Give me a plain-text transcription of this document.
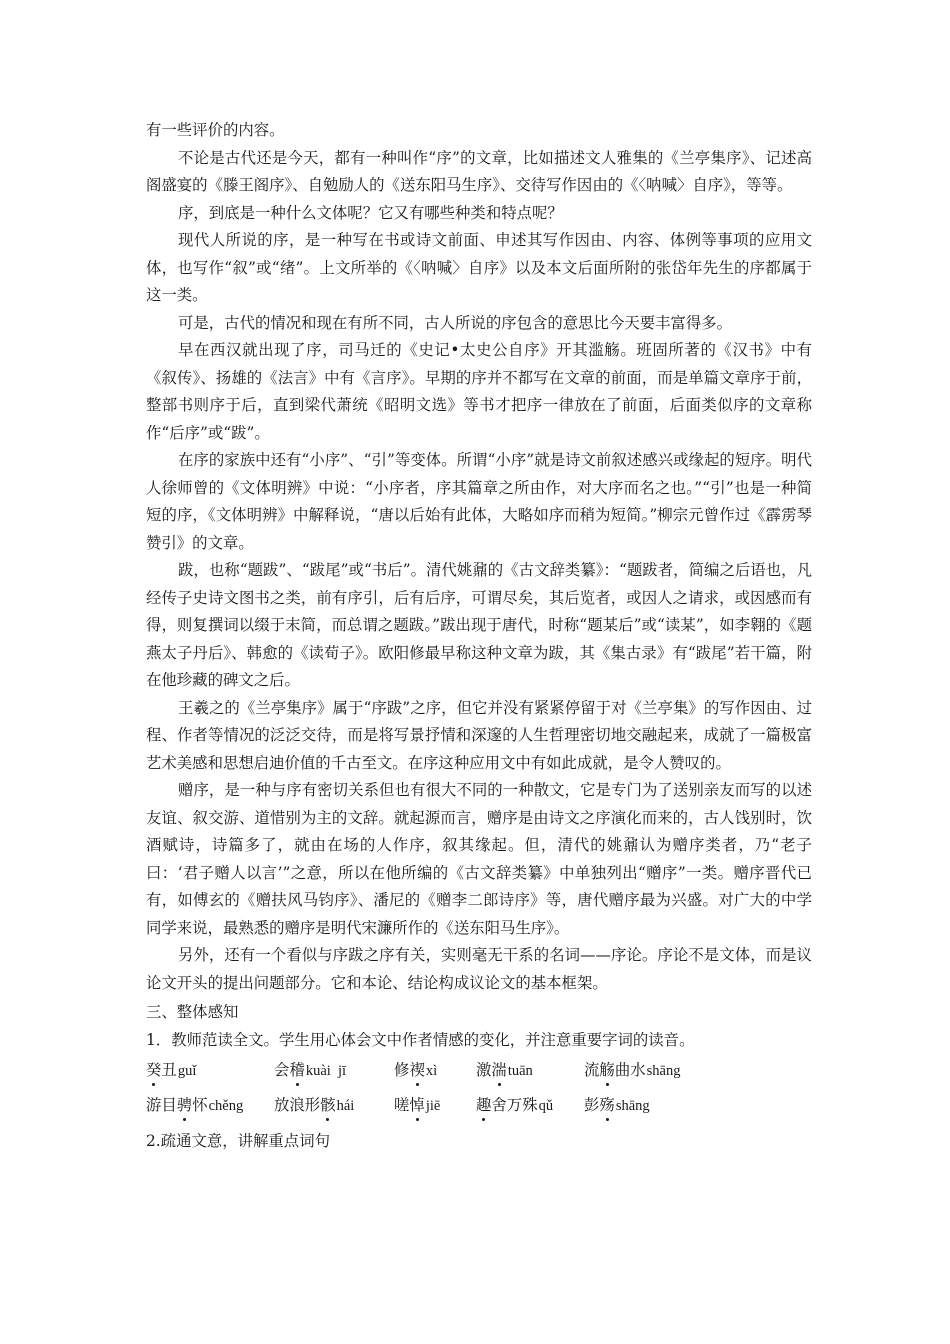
有一些评价的内容。

不论是古代还是今天，都有一种叫作“序”的文章，比如描述文人雅集的《兰亭集序》、记述高阁盛宴的《滕王阁序》、自勉励人的《送东阳马生序》、交待写作因由的《〈呐喊〉自序》，等等。

序，到底是一种什么文体呢？它又有哪些种类和特点呢？

现代人所说的序，是一种写在书或诗文前面、申述其写作因由、内容、体例等事项的应用文体，也写作“叙”或“绪”。上文所举的《〈呐喊〉自序》以及本文后面所附的张岱年先生的序都属于这一类。

可是，古代的情况和现在有所不同，古人所说的序包含的意思比今天要丰富得多。

早在西汉就出现了序，司马迁的《史记•太史公自序》开其滥觞。班固所著的《汉书》中有《叙传》、扬雄的《法言》中有《言序》。早期的序并不都写在文章的前面，而是单篇文章序于前，整部书则序于后，直到梁代萧统《昭明文选》等书才把序一律放在了前面，后面类似序的文章称作“后序”或“跋”。

在序的家族中还有“小序”、“引”等变体。所谓“小序”就是诗文前叙述感兴或缘起的短序。明代人徐师曾的《文体明辨》中说：“小序者，序其篇章之所由作，对大序而名之也。”“引”也是一种简短的序，《文体明辨》中解释说，“唐以后始有此体，大略如序而稍为短简。”柳宗元曾作过《霹雳琴赞引》的文章。

跋，也称“题跋”、“跋尾”或“书后”。清代姚鼐的《古文辞类纂》：“题跋者，简编之后语也，凡经传子史诗文图书之类，前有序引，后有后序，可谓尽矣，其后览者，或因人之请求，或因感而有得，则复撰词以缀于末简，而总谓之题跋。”跋出现于唐代，时称“题某后”或“读某”，如李翱的《题燕太子丹后》、韩愈的《读荀子》。欧阳修最早称这种文章为跋，其《集古录》有“跋尾”若干篇，附在他珍藏的碑文之后。

王羲之的《兰亭集序》属于“序跋”之序，但它并没有紧紧停留于对《兰亭集》的写作因由、过程、作者等情况的泛泛交待，而是将写景抒情和深邃的人生哲理密切地交融起来，成就了一篇极富艺术美感和思想启迪价值的千古至文。在序这种应用文中有如此成就，是令人赞叹的。

赠序，是一种与序有密切关系但也有很大不同的一种散文，它是专门为了送别亲友而写的以述友谊、叙交游、道惜别为主的文辞。就起源而言，赠序是由诗文之序演化而来的，古人饯别时，饮酒赋诗，诗篇多了，就由在场的人作序，叙其缘起。但，清代的姚鼐认为赠序类者，乃“老子曰：‘君子赠人以言’”之意，所以在他所编的《古文辞类纂》中单独列出“赠序”一类。赠序晋代已有，如傅玄的《赠扶风马钧序》、潘尼的《赠李二郎诗序》等，唐代赠序最为兴盛。对广大的中学同学来说，最熟悉的赠序是明代宋濂所作的《送东阳马生序》。

另外，还有一个看似与序跋之序有关，实则毫无干系的名词——序论。序论不是文体，而是议论文开头的提出问题部分。它和本论、结论构成议论文的基本框架。

三、整体感知

1．教师范读全文。学生用心体会文中作者情感的变化，并注意重要字词的读音。

癸丑guǐ	会稽kuài  jī	修禊xì	激湍tuān	流觞曲水shāng
游目骋怀chěng	放浪形骸hái	嗟悼jiē	趣舍万殊qǔ	彭殇shāng

2.疏通文意，讲解重点词句
